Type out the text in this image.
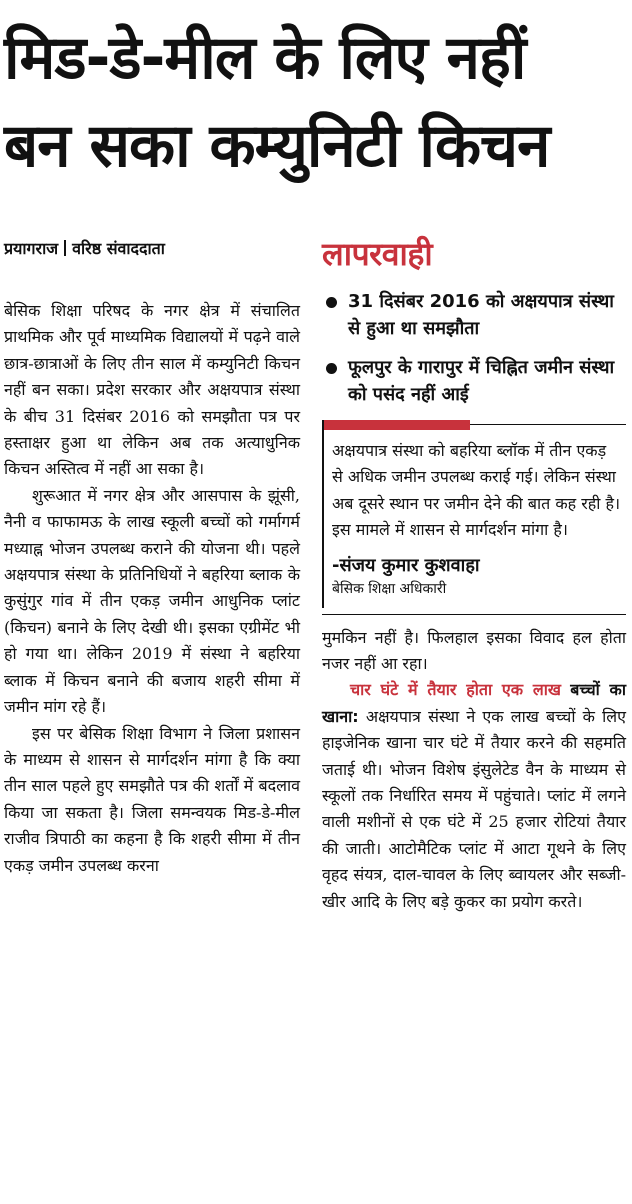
मिड-डे-मील के लिए नहीं
बन सका कम्युनिटी किचन
प्रयागराज वरिष्ठ संवाददाता

बेसिक शिक्षा परिषद के नगर क्षेत्र में संचालित प्राथमिक और पूर्व माध्यमिक विद्यालयों में पढ़ने वाले छात्र-छात्राओं के लिए तीन साल में कम्युनिटी किचन नहीं बन सका। प्रदेश सरकार और अक्षयपात्र संस्था के बीच 31 दिसंबर 2016 को समझौता पत्र पर हस्ताक्षर हुआ था लेकिन अब तक अत्याधुनिक किचन अस्तित्व में नहीं आ सका है।

शुरूआत में नगर क्षेत्र और आसपास के झूंसी, नैनी व फाफामऊ के लाख स्कूली बच्चों को गर्मागर्म मध्याह्न भोजन उपलब्ध कराने की योजना थी। पहले अक्षयपात्र संस्था के प्रतिनिधियों ने बहरिया ब्लाक के कुसुंगुर गांव में तीन एकड़ जमीन आधुनिक प्लांट (किचन) बनाने के लिए देखी थी। इसका एग्रीमेंट भी हो गया था। लेकिन 2019 में संस्था ने बहरिया ब्लाक में किचन बनाने की बजाय शहरी सीमा में जमीन मांग रहे हैं।

इस पर बेसिक शिक्षा विभाग ने जिला प्रशासन के माध्यम से शासन से मार्गदर्शन मांगा है कि क्या तीन साल पहले हुए समझौते पत्र की शर्तों में बदलाव किया जा सकता है। जिला समन्वयक मिड-डे-मील राजीव त्रिपाठी का कहना है कि शहरी सीमा में तीन एकड़ जमीन उपलब्ध करना

लापरवाही
31 दिसंबर 2016 को अक्षयपात्र संस्था से हुआ था समझौता
फूलपुर के गारापुर में चिह्नित जमीन संस्था को पसंद नहीं आई
अक्षयपात्र संस्था को बहरिया ब्लॉक में तीन एकड़ से अधिक जमीन उपलब्ध कराई गई। लेकिन संस्था अब दूसरे स्थान पर जमीन देने की बात कह रही है। इस मामले में शासन से मार्गदर्शन मांगा है।
-संजय कुमार कुशवाहा
बेसिक शिक्षा अधिकारी

मुमकिन नहीं है। फिलहाल इसका विवाद हल होता नजर नहीं आ रहा।

चार घंटे में तैयार होता एक लाख बच्चों का खाना: अक्षयपात्र संस्था ने एक लाख बच्चों के लिए हाइजेनिक खाना चार घंटे में तैयार करने की सहमति जताई थी। भोजन विशेष इंसुलेटेड वैन के माध्यम से स्कूलों तक निर्धारित समय में पहुंचाते। प्लांट में लगने वाली मशीनों से एक घंटे में 25 हजार रोटियां तैयार की जाती। आटोमैटिक प्लांट में आटा गूथने के लिए वृहद संयत्र, दाल-चावल के लिए ब्वायलर और सब्जी-खीर आदि के लिए बड़े कुकर का प्रयोग करते।
